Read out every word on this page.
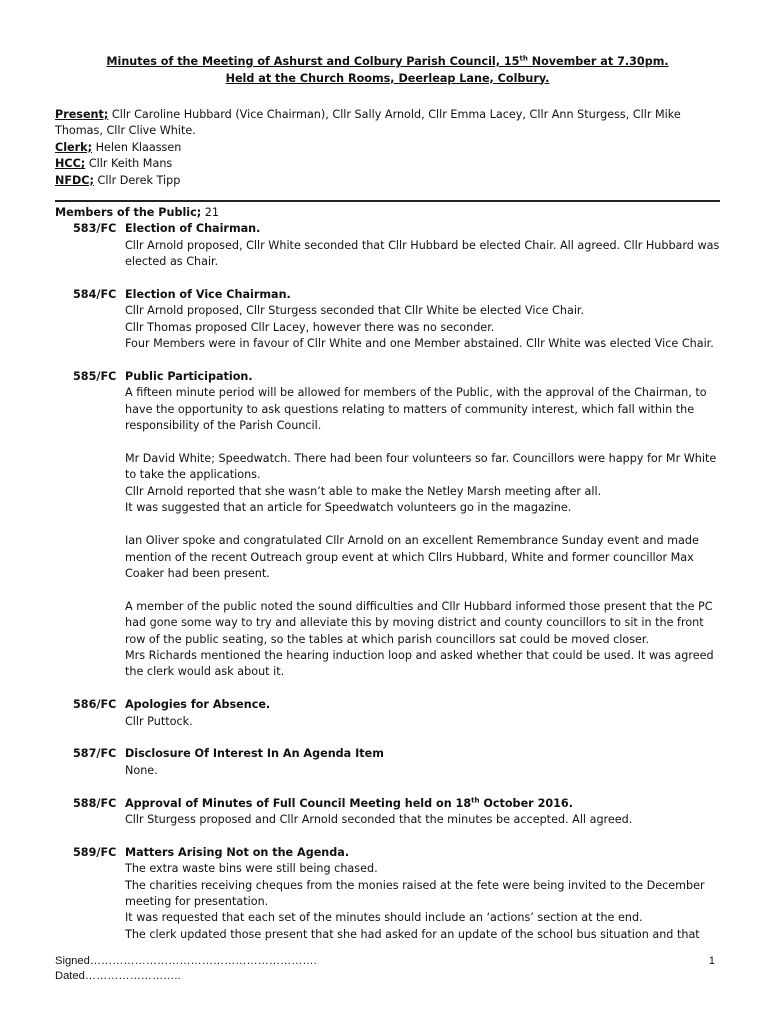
Minutes of the Meeting of Ashurst and Colbury Parish Council, 15th November at 7.30pm.
Held at the Church Rooms, Deerleap Lane, Colbury.
Present; Cllr Caroline Hubbard (Vice Chairman), Cllr Sally Arnold, Cllr Emma Lacey, Cllr Ann Sturgess, Cllr Mike Thomas, Cllr Clive White.
Clerk; Helen Klaassen
HCC; Cllr Keith Mans
NFDC; Cllr Derek Tipp
Members of the Public; 21
583/FC Election of Chairman.
Cllr Arnold proposed, Cllr White seconded that Cllr Hubbard be elected Chair. All agreed. Cllr Hubbard was elected as Chair.
584/FC Election of Vice Chairman.
Cllr Arnold proposed, Cllr Sturgess seconded that Cllr White be elected Vice Chair.
Cllr Thomas proposed Cllr Lacey, however there was no seconder.
Four Members were in favour of Cllr White and one Member abstained. Cllr White was elected Vice Chair.
585/FC Public Participation.
A fifteen minute period will be allowed for members of the Public, with the approval of the Chairman, to have the opportunity to ask questions relating to matters of community interest, which fall within the responsibility of the Parish Council.
Mr David White; Speedwatch. There had been four volunteers so far. Councillors were happy for Mr White to take the applications.
Cllr Arnold reported that she wasn’t able to make the Netley Marsh meeting after all.
It was suggested that an article for Speedwatch volunteers go in the magazine.
Ian Oliver spoke and congratulated Cllr Arnold on an excellent Remembrance Sunday event and made mention of the recent Outreach group event at which Cllrs Hubbard, White and former councillor Max Coaker had been present.
A member of the public noted the sound difficulties and Cllr Hubbard informed those present that the PC had gone some way to try and alleviate this by moving district and county councillors to sit in the front row of the public seating, so the tables at which parish councillors sat could be moved closer.
Mrs Richards mentioned the hearing induction loop and asked whether that could be used. It was agreed the clerk would ask about it.
586/FC Apologies for Absence.
Cllr Puttock.
587/FC Disclosure Of Interest In An Agenda Item
None.
588/FC Approval of Minutes of Full Council Meeting held on 18th October 2016.
Cllr Sturgess proposed and Cllr Arnold seconded that the minutes be accepted. All agreed.
589/FC Matters Arising Not on the Agenda.
The extra waste bins were still being chased.
The charities receiving cheques from the monies raised at the fete were being invited to the December meeting for presentation.
It was requested that each set of the minutes should include an ‘actions’ section at the end.
The clerk updated those present that she had asked for an update of the school bus situation and that
Signed…………………………………………………….
Dated……………………..
1
